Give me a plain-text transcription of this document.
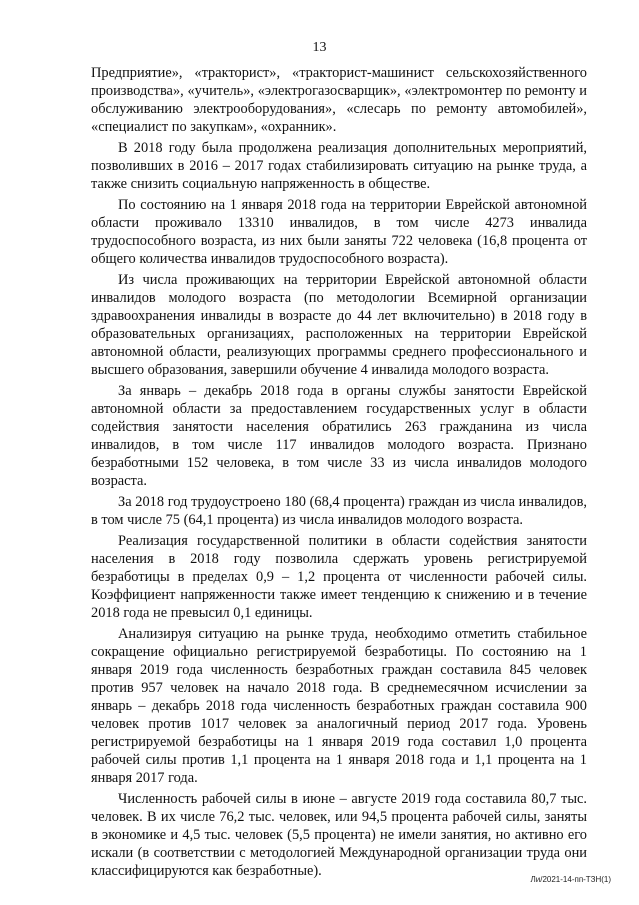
13

Предприятие», «тракторист», «тракторист-машинист сельскохозяйственного производства», «учитель», «электрогазосварщик», «электромонтер по ремонту и обслуживанию электрооборудования», «слесарь по ремонту автомобилей», «специалист по закупкам», «охранник».

В 2018 году была продолжена реализация дополнительных мероприятий, позволивших в 2016 – 2017 годах стабилизировать ситуацию на рынке труда, а также снизить социальную напряженность в обществе.

По состоянию на 1 января 2018 года на территории Еврейской автономной области проживало 13310 инвалидов, в том числе 4273 инвалида трудоспособного возраста, из них были заняты 722 человека (16,8 процента от общего количества инвалидов трудоспособного возраста).

Из числа проживающих на территории Еврейской автономной области инвалидов молодого возраста (по методологии Всемирной организации здравоохранения инвалиды в возрасте до 44 лет включительно) в 2018 году в образовательных организациях, расположенных на территории Еврейской автономной области, реализующих программы среднего профессионального и высшего образования, завершили обучение 4 инвалида молодого возраста.

За январь – декабрь 2018 года в органы службы занятости Еврейской автономной области за предоставлением государственных услуг в области содействия занятости населения обратились 263 гражданина из числа инвалидов, в том числе 117 инвалидов молодого возраста. Признано безработными 152 человека, в том числе 33 из числа инвалидов молодого возраста.

За 2018 год трудоустроено 180 (68,4 процента) граждан из числа инвалидов, в том числе 75 (64,1 процента) из числа инвалидов молодого возраста.

Реализация государственной политики в области содействия занятости населения в 2018 году позволила сдержать уровень регистрируемой безработицы в пределах 0,9 – 1,2 процента от численности рабочей силы. Коэффициент напряженности также имеет тенденцию к снижению и в течение 2018 года не превысил 0,1 единицы.

Анализируя ситуацию на рынке труда, необходимо отметить стабильное сокращение официально регистрируемой безработицы. По состоянию на 1 января 2019 года численность безработных граждан составила 845 человек против 957 человек на начало 2018 года. В среднемесячном исчислении за январь – декабрь 2018 года численность безработных граждан составила 900 человек против 1017 человек за аналогичный период 2017 года. Уровень регистрируемой безработицы на 1 января 2019 года составил 1,0 процента рабочей силы против 1,1 процента на 1 января 2018 года и 1,1 процента на 1 января 2017 года.

Численность рабочей силы в июне – августе 2019 года составила 80,7 тыс. человек. В их числе 76,2 тыс. человек, или 94,5 процента рабочей силы, заняты в экономике и 4,5 тыс. человек (5,5 процента) не имели занятия, но активно его искали (в соответствии с методологией Международной организации труда они классифицируются как безработные).

Ли/2021-14-пп-ТЗН(1)
